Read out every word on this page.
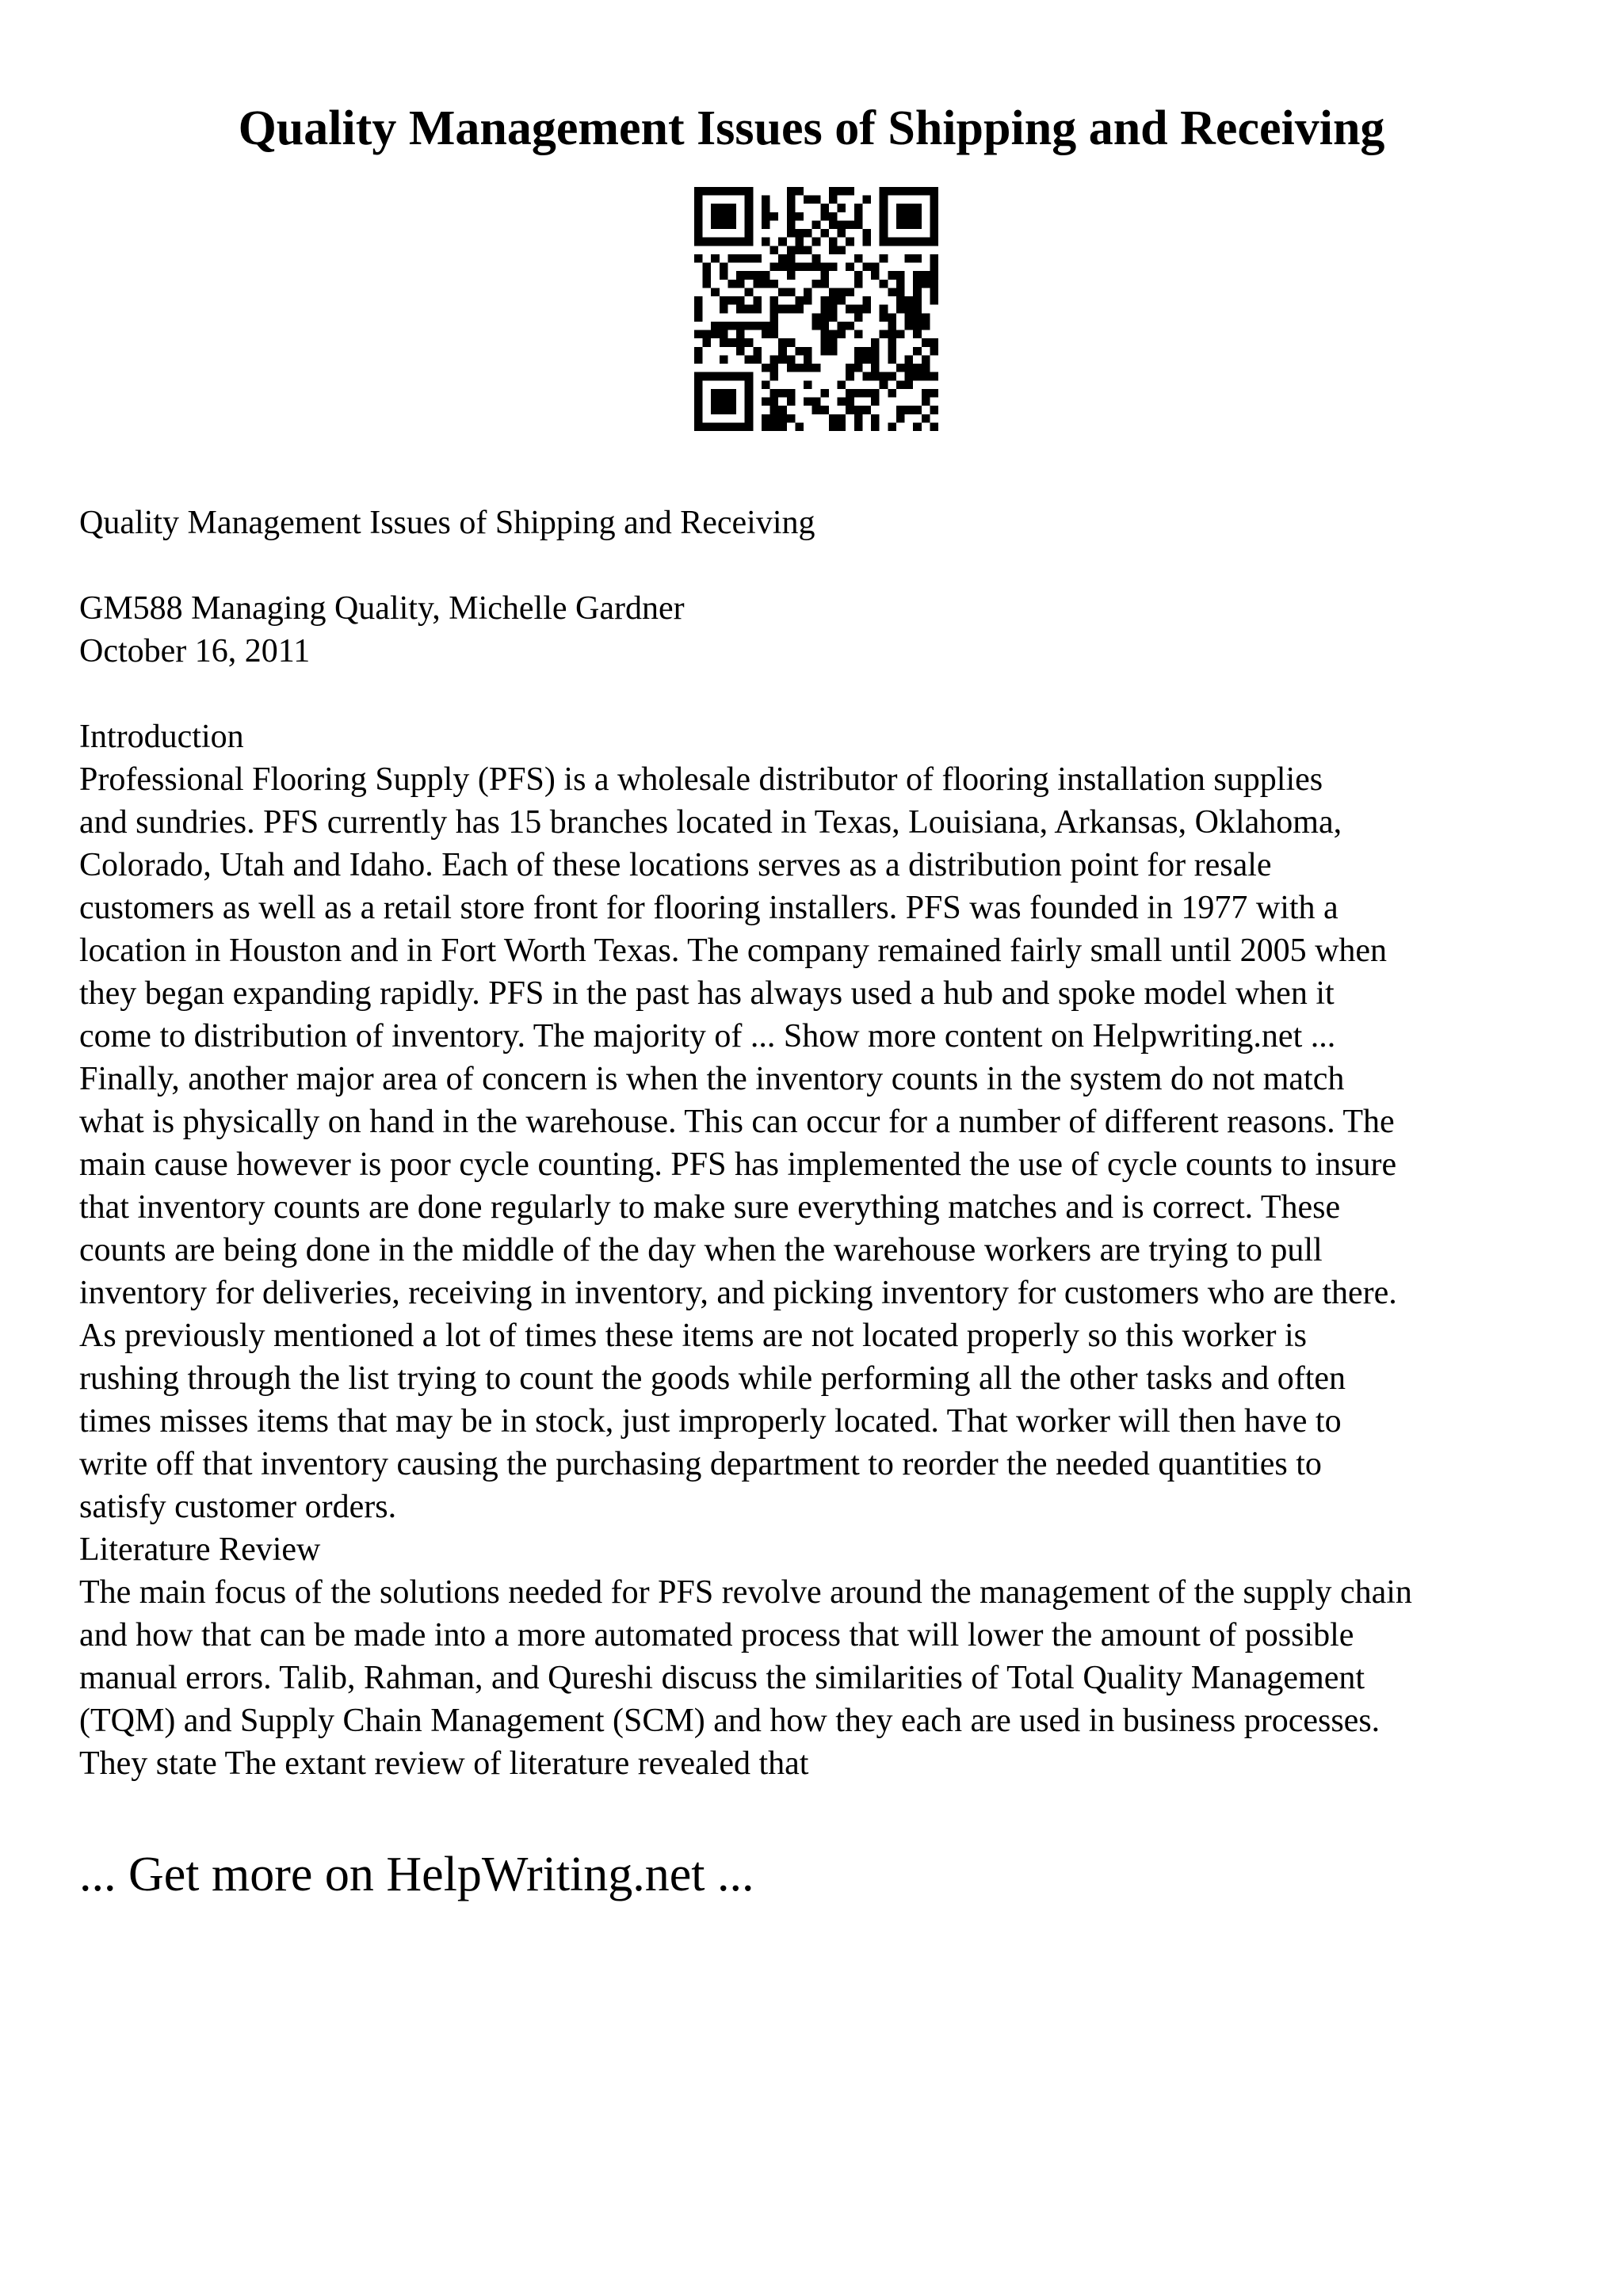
Quality Management Issues of Shipping and Receiving

Quality Management Issues of Shipping and Receiving

GM588 Managing Quality, Michelle Gardner

October 16, 2011

Introduction

Professional Flooring Supply (PFS) is a wholesale distributor of flooring installation supplies
and sundries. PFS currently has 15 branches located in Texas, Louisiana, Arkansas, Oklahoma,
Colorado, Utah and Idaho. Each of these locations serves as a distribution point for resale
customers as well as a retail store front for flooring installers. PFS was founded in 1977 with a
location in Houston and in Fort Worth Texas. The company remained fairly small until 2005 when
they began expanding rapidly. PFS in the past has always used a hub and spoke model when it
come to distribution of inventory. The majority of ... Show more content on Helpwriting.net ...
Finally, another major area of concern is when the inventory counts in the system do not match
what is physically on hand in the warehouse. This can occur for a number of different reasons. The
main cause however is poor cycle counting. PFS has implemented the use of cycle counts to insure
that inventory counts are done regularly to make sure everything matches and is correct. These
counts are being done in the middle of the day when the warehouse workers are trying to pull
inventory for deliveries, receiving in inventory, and picking inventory for customers who are there.
As previously mentioned a lot of times these items are not located properly so this worker is
rushing through the list trying to count the goods while performing all the other tasks and often
times misses items that may be in stock, just improperly located. That worker will then have to
write off that inventory causing the purchasing department to reorder the needed quantities to
satisfy customer orders.

Literature Review

The main focus of the solutions needed for PFS revolve around the management of the supply chain
and how that can be made into a more automated process that will lower the amount of possible
manual errors. Talib, Rahman, and Qureshi discuss the similarities of Total Quality Management
(TQM) and Supply Chain Management (SCM) and how they each are used in business processes.
They state The extant review of literature revealed that

... Get more on HelpWriting.net ...
